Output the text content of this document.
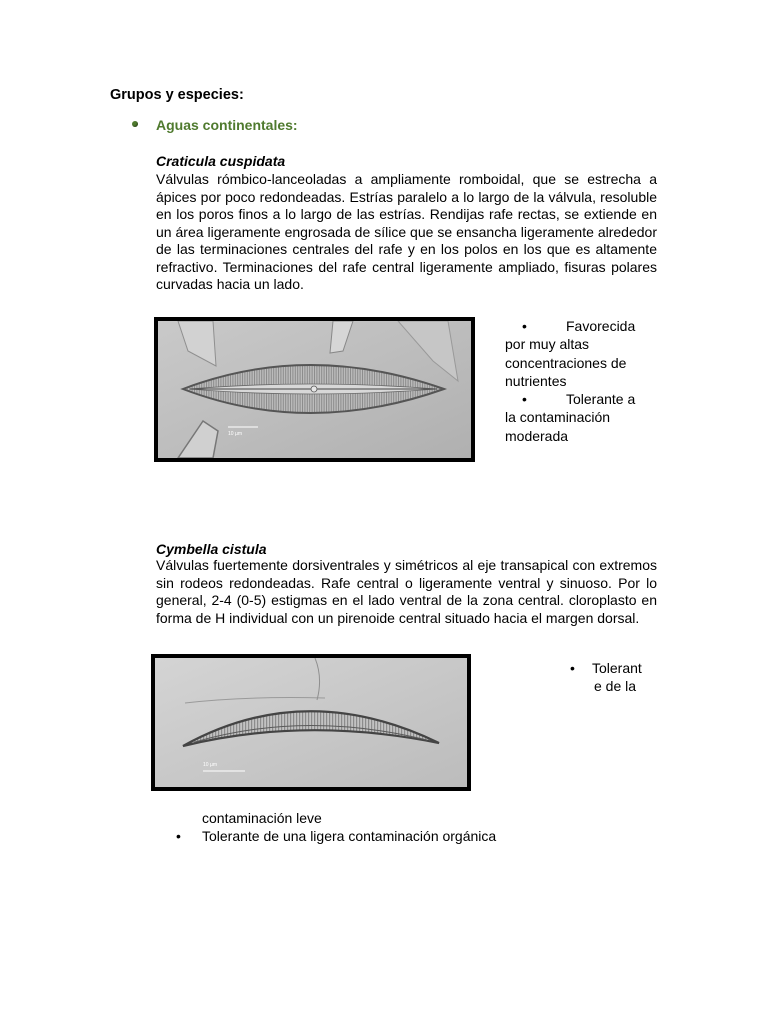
Grupos y especies:
Aguas continentales:
Craticula cuspidata
Válvulas rómbico-lanceoladas a ampliamente romboidal, que se estrecha a ápices por poco redondeadas. Estrías paralelo a lo largo de la válvula, resoluble en los poros finos a lo largo de las estrías. Rendijas rafe rectas, se extiende en un área ligeramente engrosada de sílice que se ensancha ligeramente alrededor de las terminaciones centrales del rafe y en los polos en los que es altamente refractivo. Terminaciones del rafe central ligeramente ampliado, fisuras polares curvadas hacia un lado.
10 µm
•	Favorecida
por muy altas
concentraciones de
nutrientes
•	Tolerante a
la contaminación
moderada
Cymbella cistula
Válvulas fuertemente dorsiventrales y simétricos al eje transapical con extremos sin rodeos redondeadas. Rafe central o ligeramente ventral y sinuoso. Por lo general, 2-4 (0-5) estigmas en el lado ventral de la zona central. cloroplasto en forma de H individual con un pirenoide central situado hacia el margen dorsal.
10 µm
• Tolerant
e de la
contaminación leve
• Tolerante de una ligera contaminación orgánica
